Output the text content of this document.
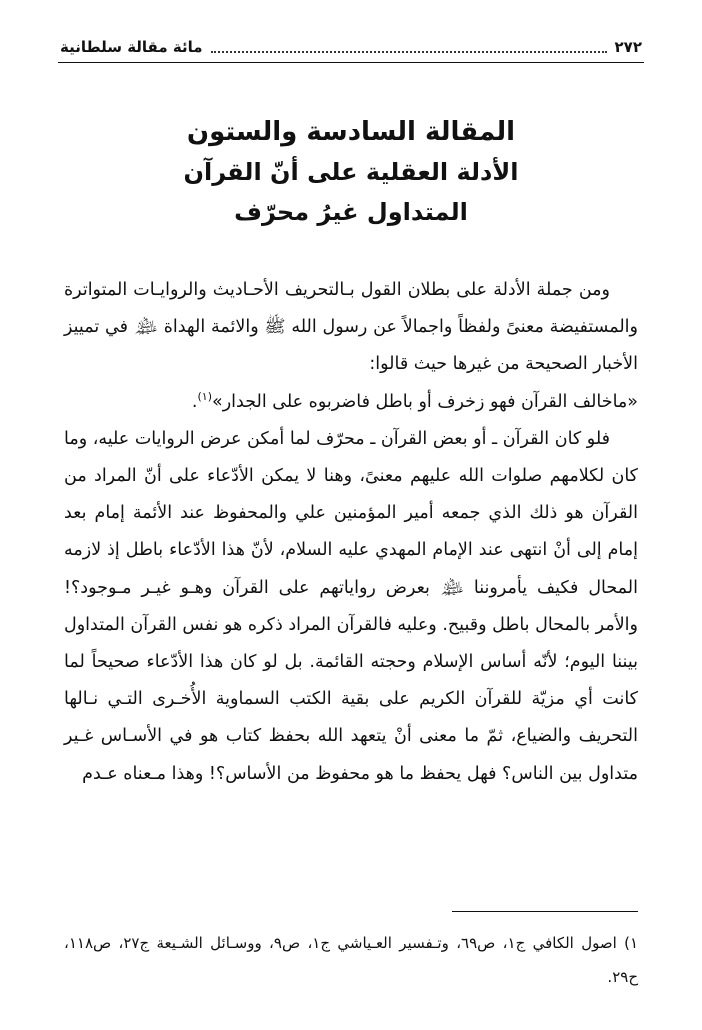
٢٧٢
مائة مقالة سلطانية
المقالة السادسة والستون
الأدلة العقلية على أنّ القرآن
المتداول غيرُ محرّف

ومن جملة الأدلة على بطلان القول بـالتحريف الأحـاديث والروايـات المتواترة والمستفيضة معنىً ولفظاً واجمالاً عن رسول الله ﷺ والائمة الهداة ﵈ في تمييز الأخبار الصحيحة من غيرها حيث قالوا:

«ماخالف القرآن فهو زخرف أو باطل فاضربوه على الجدار»$^{(١)}$.

فلو كان القرآن ـ أو بعض القرآن ـ محرّف لما أمكن عرض الروايات عليه، وما كان لكلامهم صلوات الله عليهم معنىً، وهنا لا يمكن الأدّعاء على أنّ المراد من القرآن هو ذلك الذي جمعه أمير المؤمنين علي والمحفوظ عند الأئمة إمام بعد إمام إلى أنْ انتهى عند الإمام المهدي عليه السلام، لأنّ هذا الأدّعاء باطل إذ لازمه المحال فكيف يأمروننا ﵈ بعرض رواياتهم على القرآن وهـو غيـر مـوجود؟! والأمر بالمحال باطل وقبيح. وعليه فالقرآن المراد ذكره هو نفس القرآن المتداول بيننا اليوم؛ لأنّه أساس الإسلام وحجته القائمة. بل لو كان هذا الأدّعاء صحيحاً لما كانت أي مزيّة للقرآن الكريم على بقية الكتب السماوية الأُخـرى التـي نـالها التحريف والضياع، ثمّ ما معنى أنْ يتعهد الله بحفظ كتاب هو في الأسـاس غـير متداول بين الناس؟ فهل يحفظ ما هو محفوظ من الأساس؟! وهذا مـعناه عـدم

١) اصول الكافي ج١، ص٦٩، وتـفسير العـياشي ج١، ص٩، ووسـائل الشـيعة ج٢٧، ص١١٨، ح٢٩.
